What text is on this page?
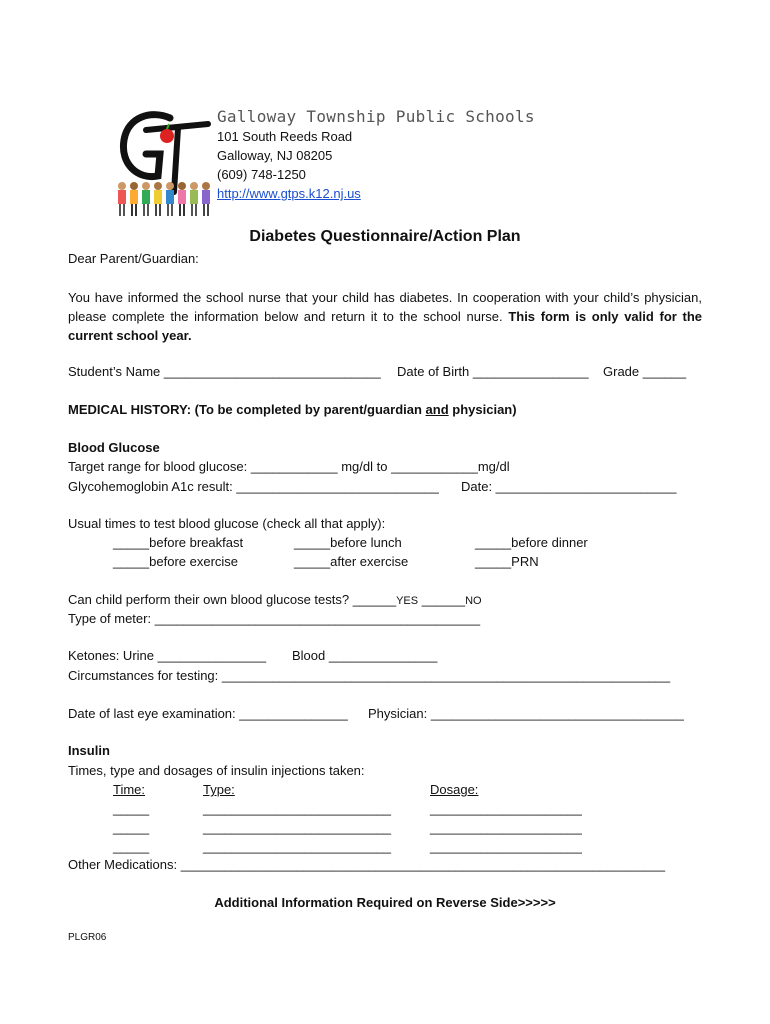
Galloway Township Public Schools
101 South Reeds Road
Galloway, NJ 08205
(609) 748-1250
http://www.gtps.k12.nj.us
Diabetes Questionnaire/Action Plan
Dear Parent/Guardian:
You have informed the school nurse that your child has diabetes. In cooperation with your child’s physician, please complete the information below and return it to the school nurse. This form is only valid for the current school year.
Student’s Name ______________________________ Date of Birth ________________ Grade ______
MEDICAL HISTORY: (To be completed by parent/guardian and physician)
Blood Glucose
Target range for blood glucose: ____________ mg/dl to ____________mg/dl
Glycohemoglobin A1c result: ____________________________ Date: _________________________
Usual times to test blood glucose (check all that apply):
_____before breakfast	_____before lunch	_____before dinner
_____before exercise	_____after exercise	_____PRN
Can child perform their own blood glucose tests? ______YES ______NO
Type of meter: _____________________________________________
Ketones: Urine _______________ Blood _______________
Circumstances for testing: ______________________________________________________________
Date of last eye examination: _______________ Physician: ___________________________________
Insulin
Times, type and dosages of insulin injections taken:
Time:	Type:	Dosage:
_____	__________________________	_____________________
_____	__________________________	_____________________
_____	__________________________	_____________________
Other Medications: ___________________________________________________________________
Additional Information Required on Reverse Side>>>>>
PLGR06
